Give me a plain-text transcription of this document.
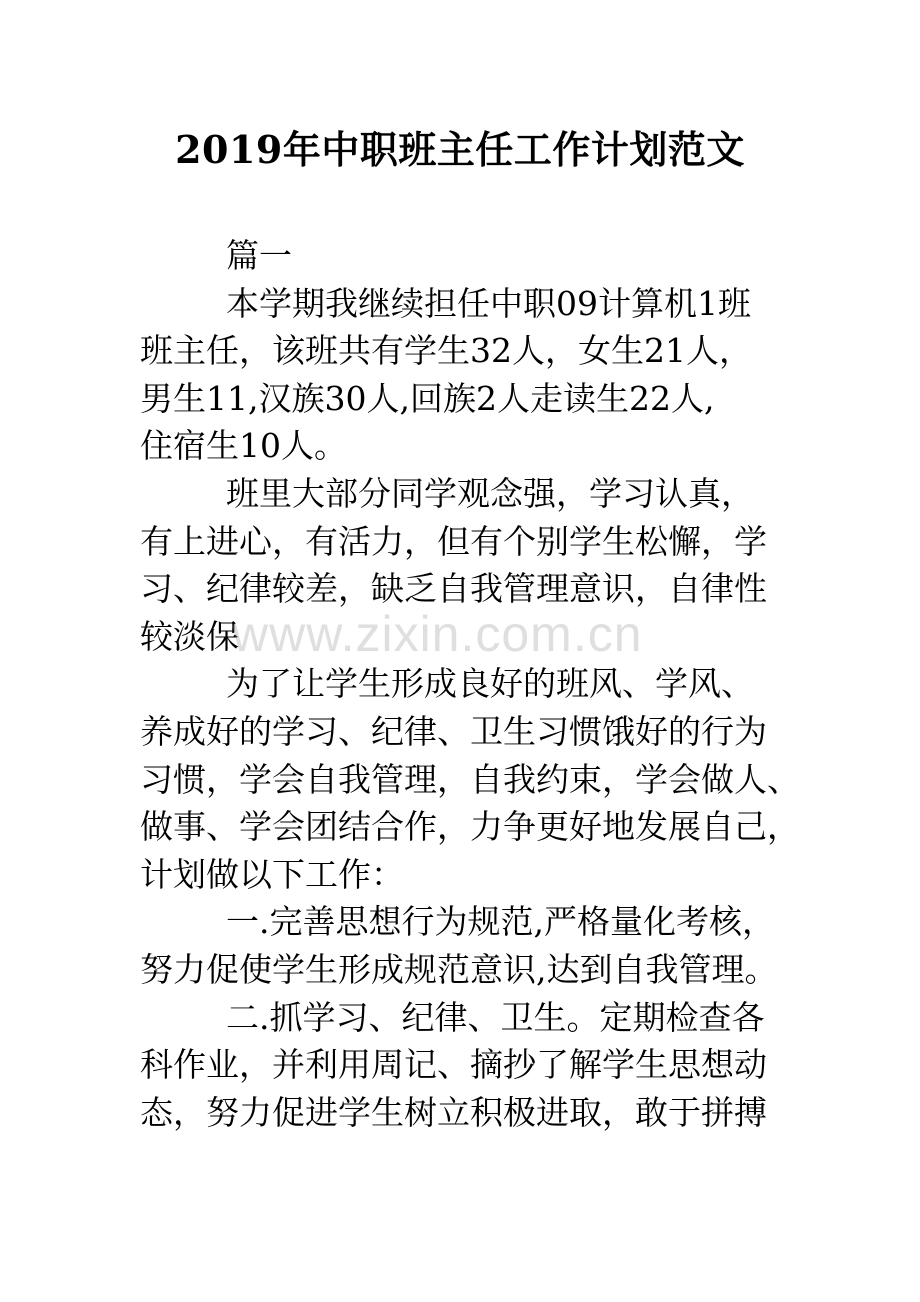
2019年中职班主任工作计划范文

篇一

本学期我继续担任中职09计算机1班
班主任，该班共有学生32人，女生21人，
男生11,汉族30人,回族2人走读生22人,
住宿生10人。

班里大部分同学观念强，学习认真，
有上进心，有活力，但有个别学生松懈，学
习、纪律较差，缺乏自我管理意识，自律性
较淡保

为了让学生形成良好的班风、学风、
养成好的学习、纪律、卫生习惯饿好的行为
习惯，学会自我管理，自我约束，学会做人、
做事、学会团结合作，力争更好地发展自己，
计划做以下工作：

一.完善思想行为规范,严格量化考核，
努力促使学生形成规范意识,达到自我管理。

二.抓学习、纪律、卫生。定期检查各
科作业，并利用周记、摘抄了解学生思想动
态，努力促进学生树立积极进取，敢于拼搏

www.zixin.com.cn
